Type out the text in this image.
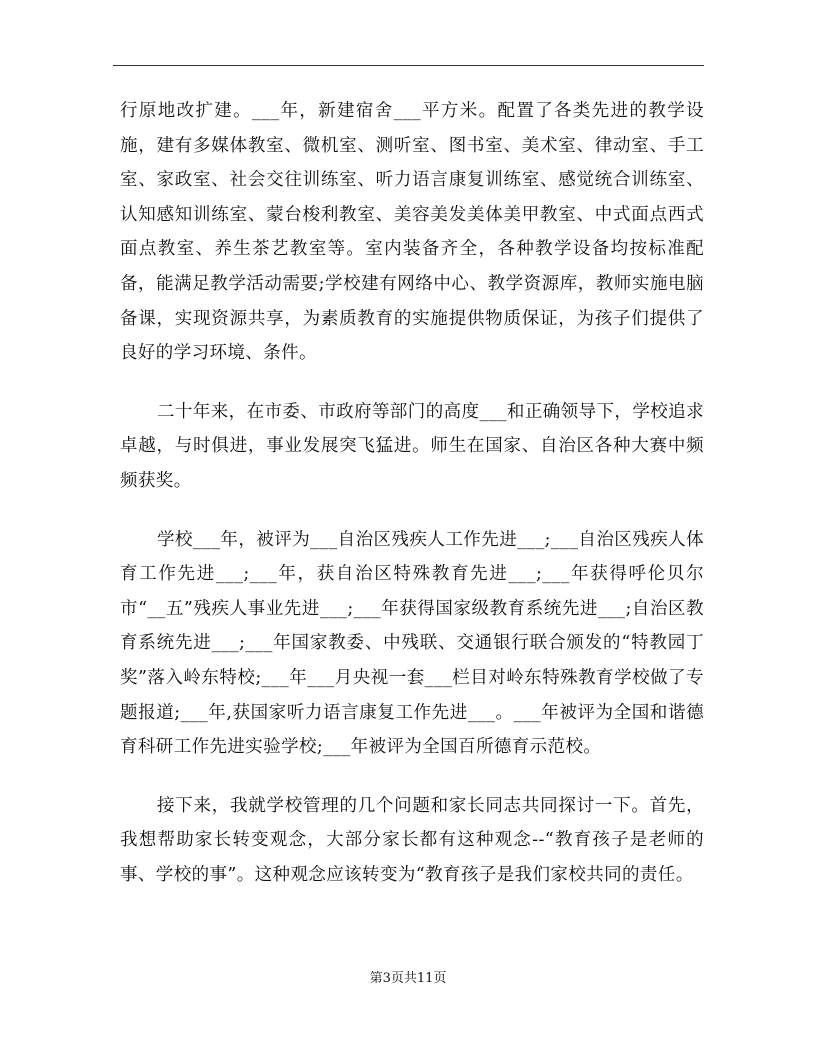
行原地改扩建。___年，新建宿舍___平方米。配置了各类先进的教学设施，建有多媒体教室、微机室、测听室、图书室、美术室、律动室、手工室、家政室、社会交往训练室、听力语言康复训练室、感觉统合训练室、认知感知训练室、蒙台梭利教室、美容美发美体美甲教室、中式面点西式面点教室、养生茶艺教室等。室内装备齐全，各种教学设备均按标准配备，能满足教学活动需要;学校建有网络中心、教学资源库，教师实施电脑备课，实现资源共享，为素质教育的实施提供物质保证，为孩子们提供了良好的学习环境、条件。

二十年来，在市委、市政府等部门的高度___和正确领导下，学校追求卓越，与时俱进，事业发展突飞猛进。师生在国家、自治区各种大赛中频频获奖。

学校___年，被评为___自治区残疾人工作先进___;___自治区残疾人体育工作先进___;___年，获自治区特殊教育先进___;___年获得呼伦贝尔市“__五”残疾人事业先进___;___年获得国家级教育系统先进___;自治区教育系统先进___;___年国家教委、中残联、交通银行联合颁发的“特教园丁奖”落入岭东特校;___年___月央视一套___栏目对岭东特殊教育学校做了专题报道;___年,获国家听力语言康复工作先进___。___年被评为全国和谐德育科研工作先进实验学校;___年被评为全国百所德育示范校。

接下来，我就学校管理的几个问题和家长同志共同探讨一下。首先，我想帮助家长转变观念，大部分家长都有这种观念--“教育孩子是老师的事、学校的事”。这种观念应该转变为“教育孩子是我们家校共同的责任。

第3页共11页
